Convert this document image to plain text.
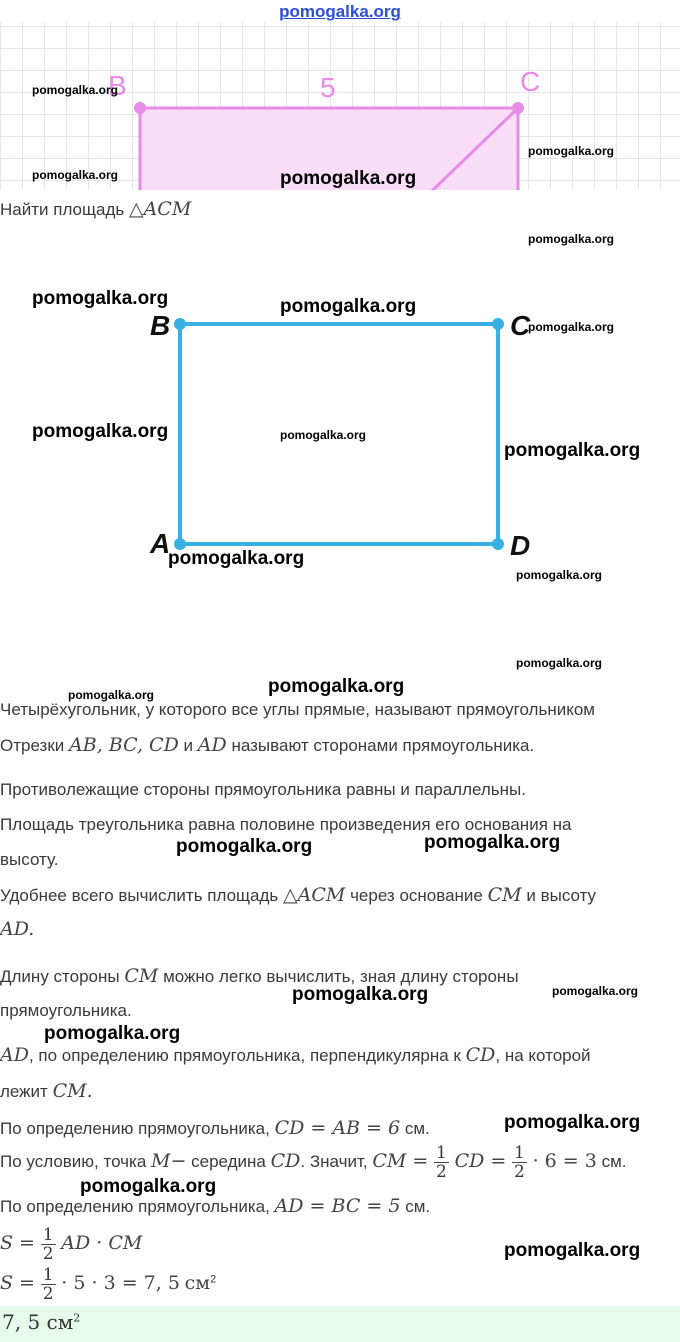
pomogalka.org
B	C
5
Найти площадь △ACM
B	C
A	D
Четырёхугольник, у которого все углы прямые, называют прямоугольником
Отрезки AB, BC, CD и AD называют сторонами прямоугольника.
Противолежащие стороны прямоугольника равны и параллельны.
Площадь треугольника равна половине произведения его основания на
высоту.
Удобнее всего вычислить площадь △ACM через основание CM и высоту
AD.
Длину стороны CM можно легко вычислить, зная длину стороны
прямоугольника.
AD, по определению прямоугольника, перпендикулярна к CD, на которой
лежит CM.
По определению прямоугольника, CD = AB = 6 см.
По условию, точка M− середина CD. Значит, CM = $\frac{1}{2}$ CD = $\frac{1}{2} \cdot 6 = 3$ см.
По определению прямоугольника, AD = BC = 5 см.
$S = \frac{1}{2}$ AD · CM
$S = \frac{1}{2} \cdot 5 \cdot 3 = 7$, 5 $см^2$
7, 5 $см^2$
pomogalka.org
pomogalka.org
pomogalka.org	pomogalka.org
pomogalka.org
pomogalka.org	pomogalka.org
pomogalka.org
pomogalka.org	pomogalka.org
pomogalka.org
pomogalka.org
pomogalka.org
pomogalka.org
pomogalka.org
pomogalka.org
pomogalka.org	pomogalka.org
pomogalka.org	pomogalka.org
pomogalka.org
pomogalka.org
pomogalka.org
pomogalka.org
